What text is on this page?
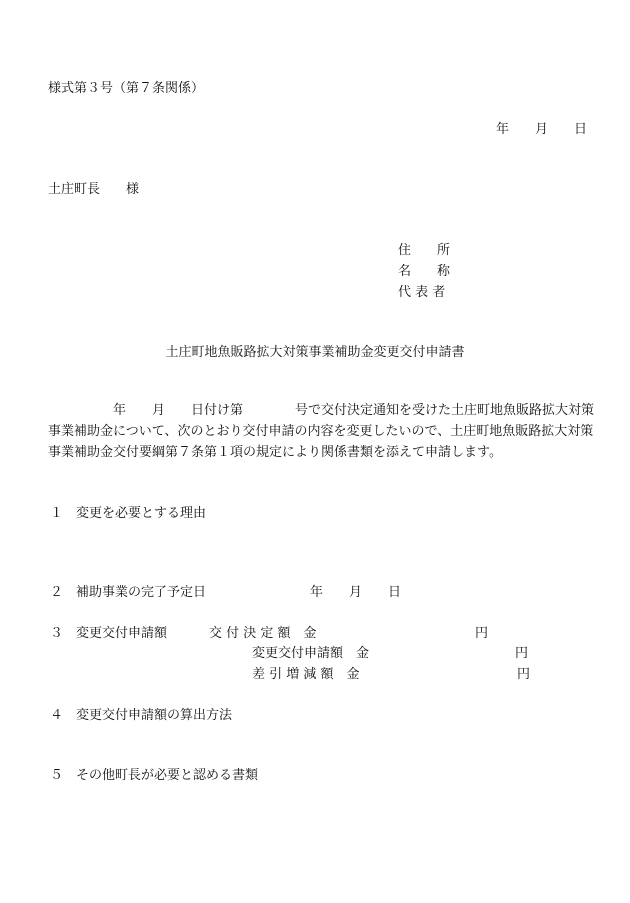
様式第３号（第７条関係）
年　　月　　日
土庄町長　　様
住　　所
名　　称
代 表 者
土庄町地魚販路拡大対策事業補助金変更交付申請書
　　　　　年　　月　　日付け第　　　　号で交付決定通知を受けた土庄町地魚販路拡大対策事業補助金について、次のとおり交付申請の内容を変更したいので、土庄町地魚販路拡大対策事業補助金交付要綱第７条第１項の規定により関係書類を添えて申請します。
１ 変更を必要とする理由
２ 補助事業の完了予定日	年　　月　　日
３ 変更交付申請額	交 付 決 定 額　金	円
変更交付申請額　金	円
差 引 増 減 額　金	円
４ 変更交付申請額の算出方法
５ その他町長が必要と認める書類
